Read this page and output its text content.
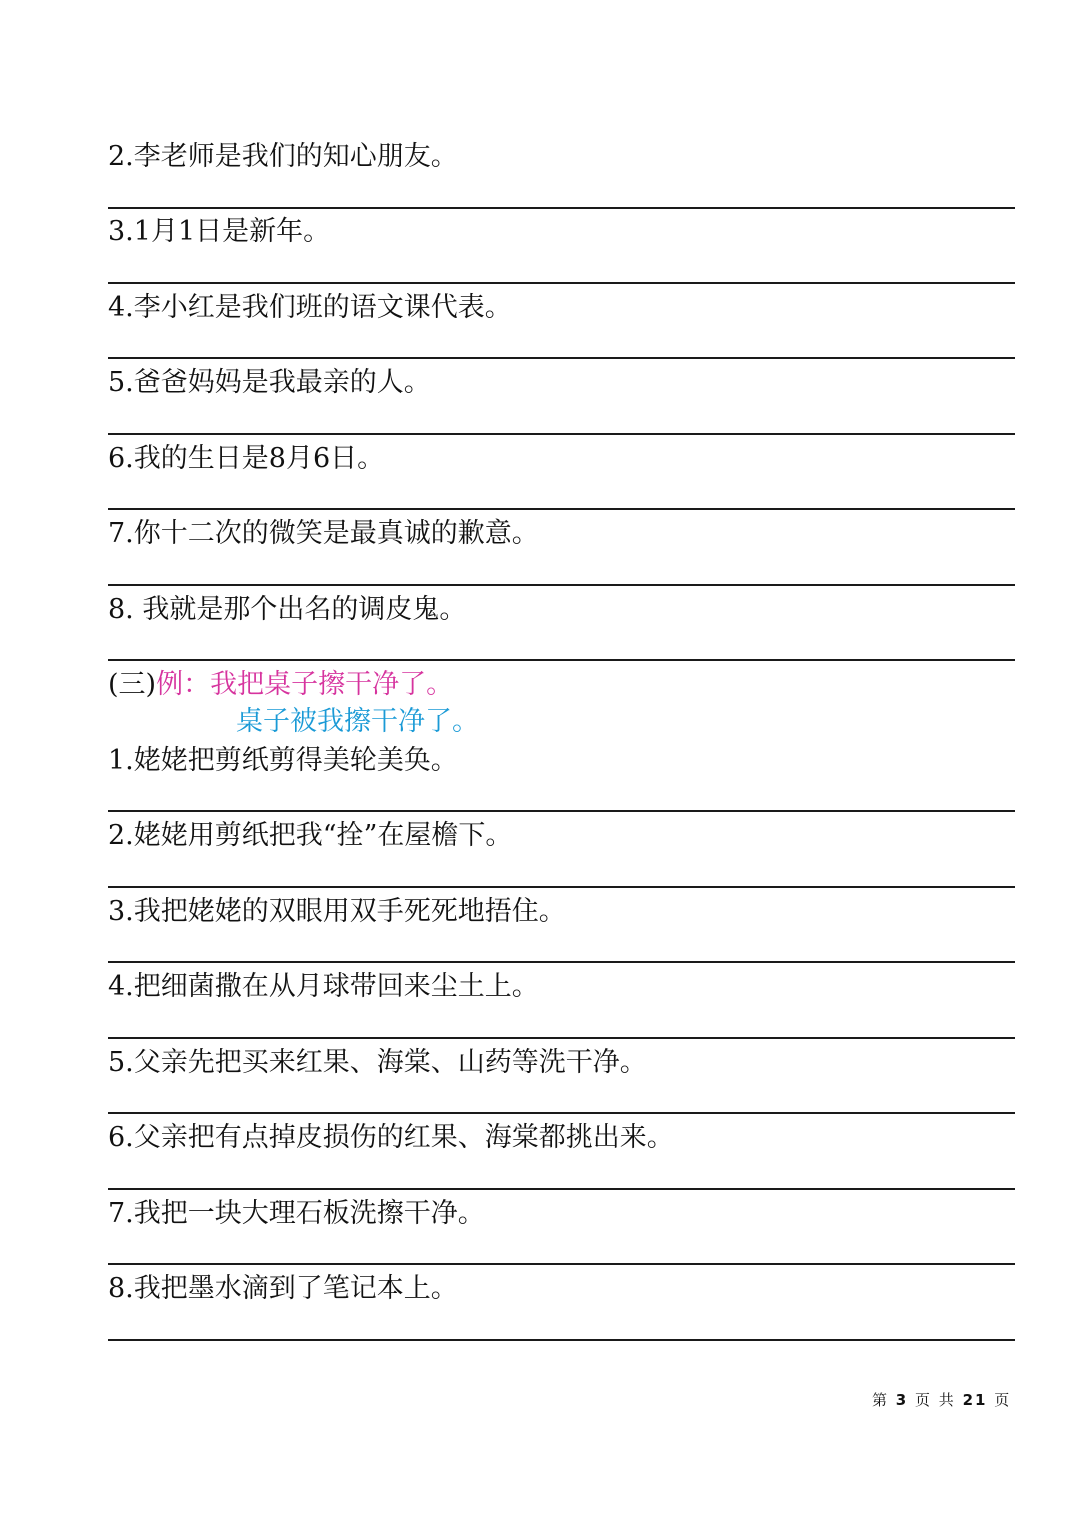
2.李老师是我们的知心朋友。
3.1月1日是新年。
4.李小红是我们班的语文课代表。
5.爸爸妈妈是我最亲的人。
6.我的生日是8月6日。
7.你十二次的微笑是最真诚的歉意。
8. 我就是那个出名的调皮鬼。
(三)例：我把桌子擦干净了。
桌子被我擦干净了。
1.姥姥把剪纸剪得美轮美奂。
2.姥姥用剪纸把我“拴”在屋檐下。
3.我把姥姥的双眼用双手死死地捂住。
4.把细菌撒在从月球带回来尘土上。
5.父亲先把买来红果、海棠、山药等洗干净。
6.父亲把有点掉皮损伤的红果、海棠都挑出来。
7.我把一块大理石板洗擦干净。
8.我把墨水滴到了笔记本上。
第 3 页 共 21 页
